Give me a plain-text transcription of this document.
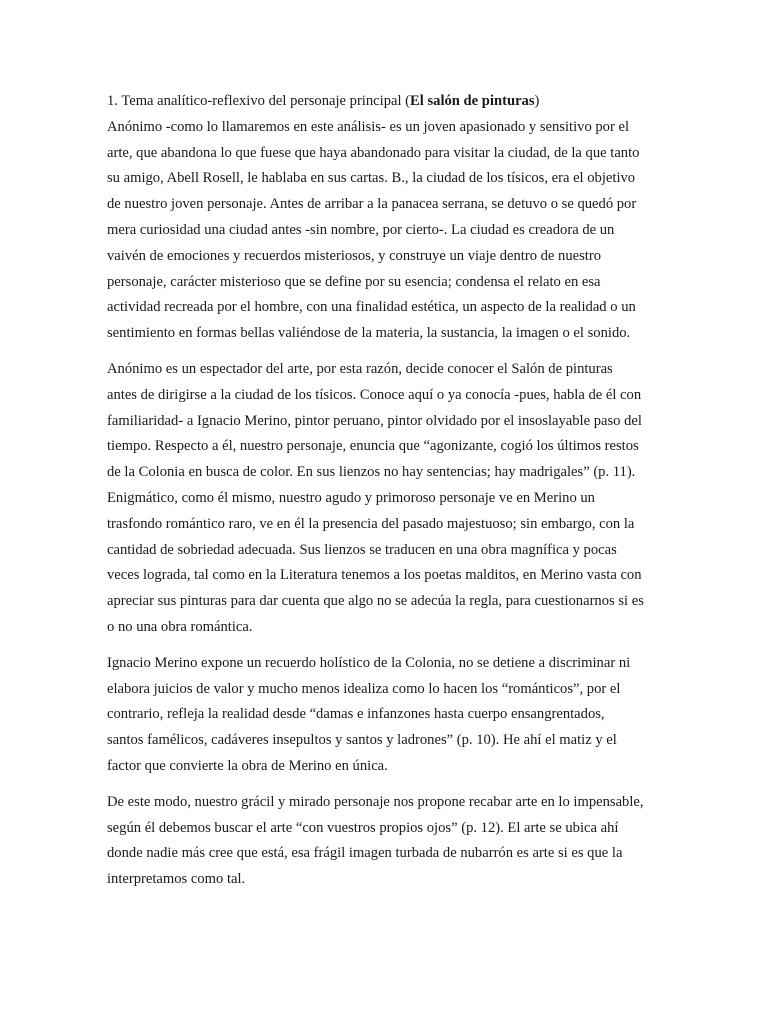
1. Tema analítico-reflexivo del personaje principal (El salón de pinturas)
Anónimo -como lo llamaremos en este análisis- es un joven apasionado y sensitivo por el
arte, que abandona lo que fuese que haya abandonado para visitar la ciudad, de la que tanto
su amigo, Abell Rosell, le hablaba en sus cartas. B., la ciudad de los tísicos, era el objetivo
de nuestro joven personaje. Antes de arribar a la panacea serrana, se detuvo o se quedó por
mera curiosidad una ciudad antes -sin nombre, por cierto-. La ciudad es creadora de un
vaivén de emociones y recuerdos misteriosos, y construye un viaje dentro de nuestro
personaje, carácter misterioso que se define por su esencia; condensa el relato en esa
actividad recreada por el hombre, con una finalidad estética, un aspecto de la realidad o un
sentimiento en formas bellas valiéndose de la materia, la sustancia, la imagen o el sonido.
Anónimo es un espectador del arte, por esta razón, decide conocer el Salón de pinturas
antes de dirigirse a la ciudad de los tísicos. Conoce aquí o ya conocía -pues, habla de él con
familiaridad- a Ignacio Merino, pintor peruano, pintor olvidado por el insoslayable paso del
tiempo. Respecto a él, nuestro personaje, enuncia que “agonizante, cogió los últimos restos
de la Colonia en busca de color. En sus lienzos no hay sentencias; hay madrigales” (p. 11).
Enigmático, como él mismo, nuestro agudo y primoroso personaje ve en Merino un
trasfondo romántico raro, ve en él la presencia del pasado majestuoso; sin embargo, con la
cantidad de sobriedad adecuada. Sus lienzos se traducen en una obra magnífica y pocas
veces lograda, tal como en la Literatura tenemos a los poetas malditos, en Merino vasta con
apreciar sus pinturas para dar cuenta que algo no se adecúa la regla, para cuestionarnos si es
o no una obra romántica.
Ignacio Merino expone un recuerdo holístico de la Colonia, no se detiene a discriminar ni
elabora juicios de valor y mucho menos idealiza como lo hacen los “románticos”, por el
contrario, refleja la realidad desde “damas e infanzones hasta cuerpo ensangrentados,
santos famélicos, cadáveres insepultos y santos y ladrones” (p. 10). He ahí el matiz y el
factor que convierte la obra de Merino en única.
De este modo, nuestro grácil y mirado personaje nos propone recabar arte en lo impensable,
según él debemos buscar el arte “con vuestros propios ojos” (p. 12). El arte se ubica ahí
donde nadie más cree que está, esa frágil imagen turbada de nubarrón es arte si es que la
interpretamos como tal.
